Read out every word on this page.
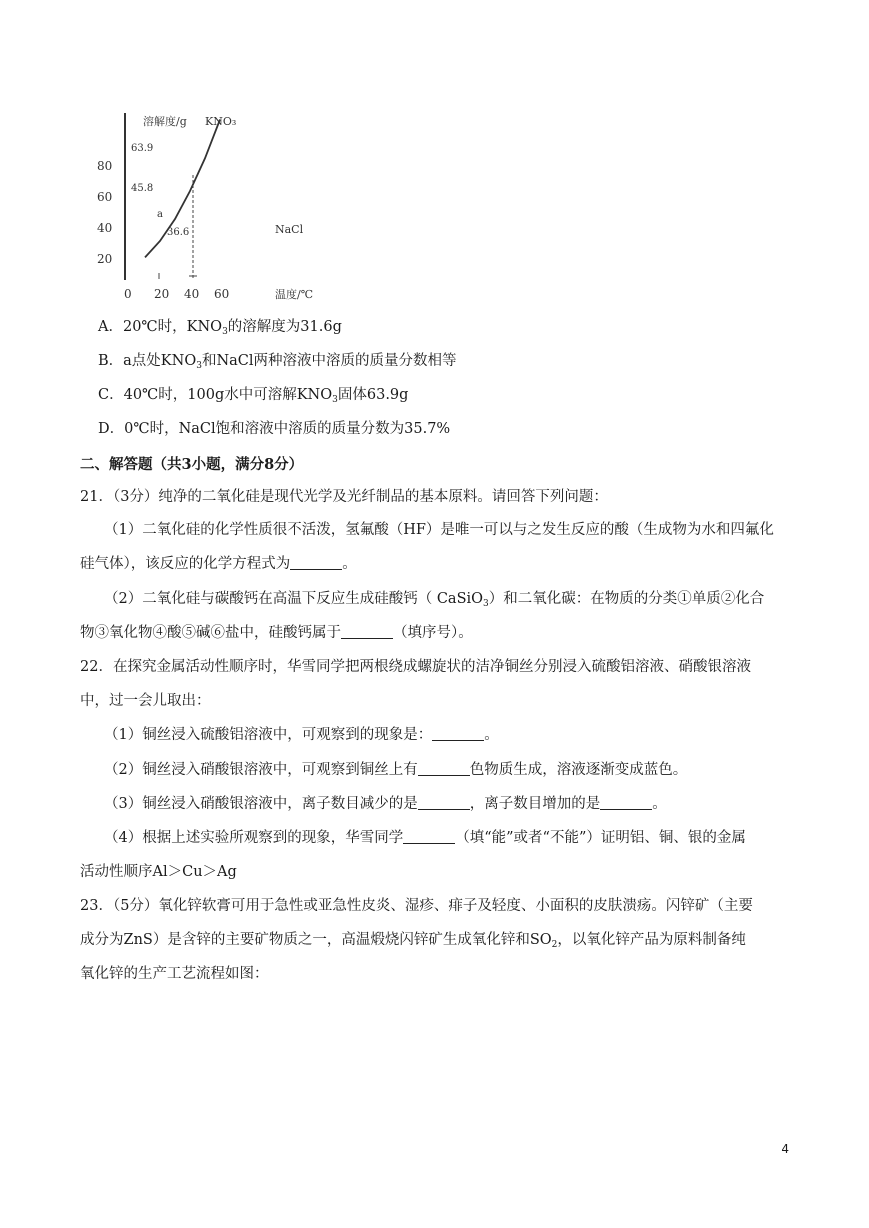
20
40
60
80
0 20 40 60
溶解度/g
温度/℃
KNO₃
NaCl
63.9
45.8
a
36.6
A．20℃时，$KNO_3$的溶解度为31.6g
B．a点处$KNO_3$和NaCl两种溶液中溶质的质量分数相等
C．40℃时，100g水中可溶解$KNO_3$固体63.9g
D．0℃时，NaCl饱和溶液中溶质的质量分数为35.7%
二、解答题（共3小题，满分8分）
21．（3分）纯净的二氧化硅是现代光学及光纤制品的基本原料。请回答下列问题：
（1）二氧化硅的化学性质很不活泼，氢氟酸（HF）是唯一可以与之发生反应的酸（生成物为水和四氟化
硅气体），该反应的化学方程式为	。
（2）二氧化硅与碳酸钙在高温下反应生成硅酸钙（ CaSiO$_3$）和二氧化碳：在物质的分类①单质②化合
物③氧化物④酸⑤碱⑥盐中，硅酸钙属于	（填序号）。
22．在探究金属活动性顺序时，华雪同学把两根绕成螺旋状的洁净铜丝分别浸入硫酸铝溶液、硝酸银溶液
中，过一会儿取出：
（1）铜丝浸入硫酸铝溶液中，可观察到的现象是：	。
（2）铜丝浸入硝酸银溶液中，可观察到铜丝上有	色物质生成，溶液逐渐变成蓝色。
（3）铜丝浸入硝酸银溶液中，离子数目减少的是	，离子数目增加的是	。
（4）根据上述实验所观察到的现象，华雪同学	（填“能”或者“不能”）证明铝、铜、银的金属
活动性顺序Al＞Cu＞Ag
23．（5分）氧化锌软膏可用于急性或亚急性皮炎、湿疹、痱子及轻度、小面积的皮肤溃疡。闪锌矿（主要
成分为ZnS）是含锌的主要矿物质之一，高温煅烧闪锌矿生成氧化锌和$SO_2$，以氧化锌产品为原料制备纯
氧化锌的生产工艺流程如图：
4
